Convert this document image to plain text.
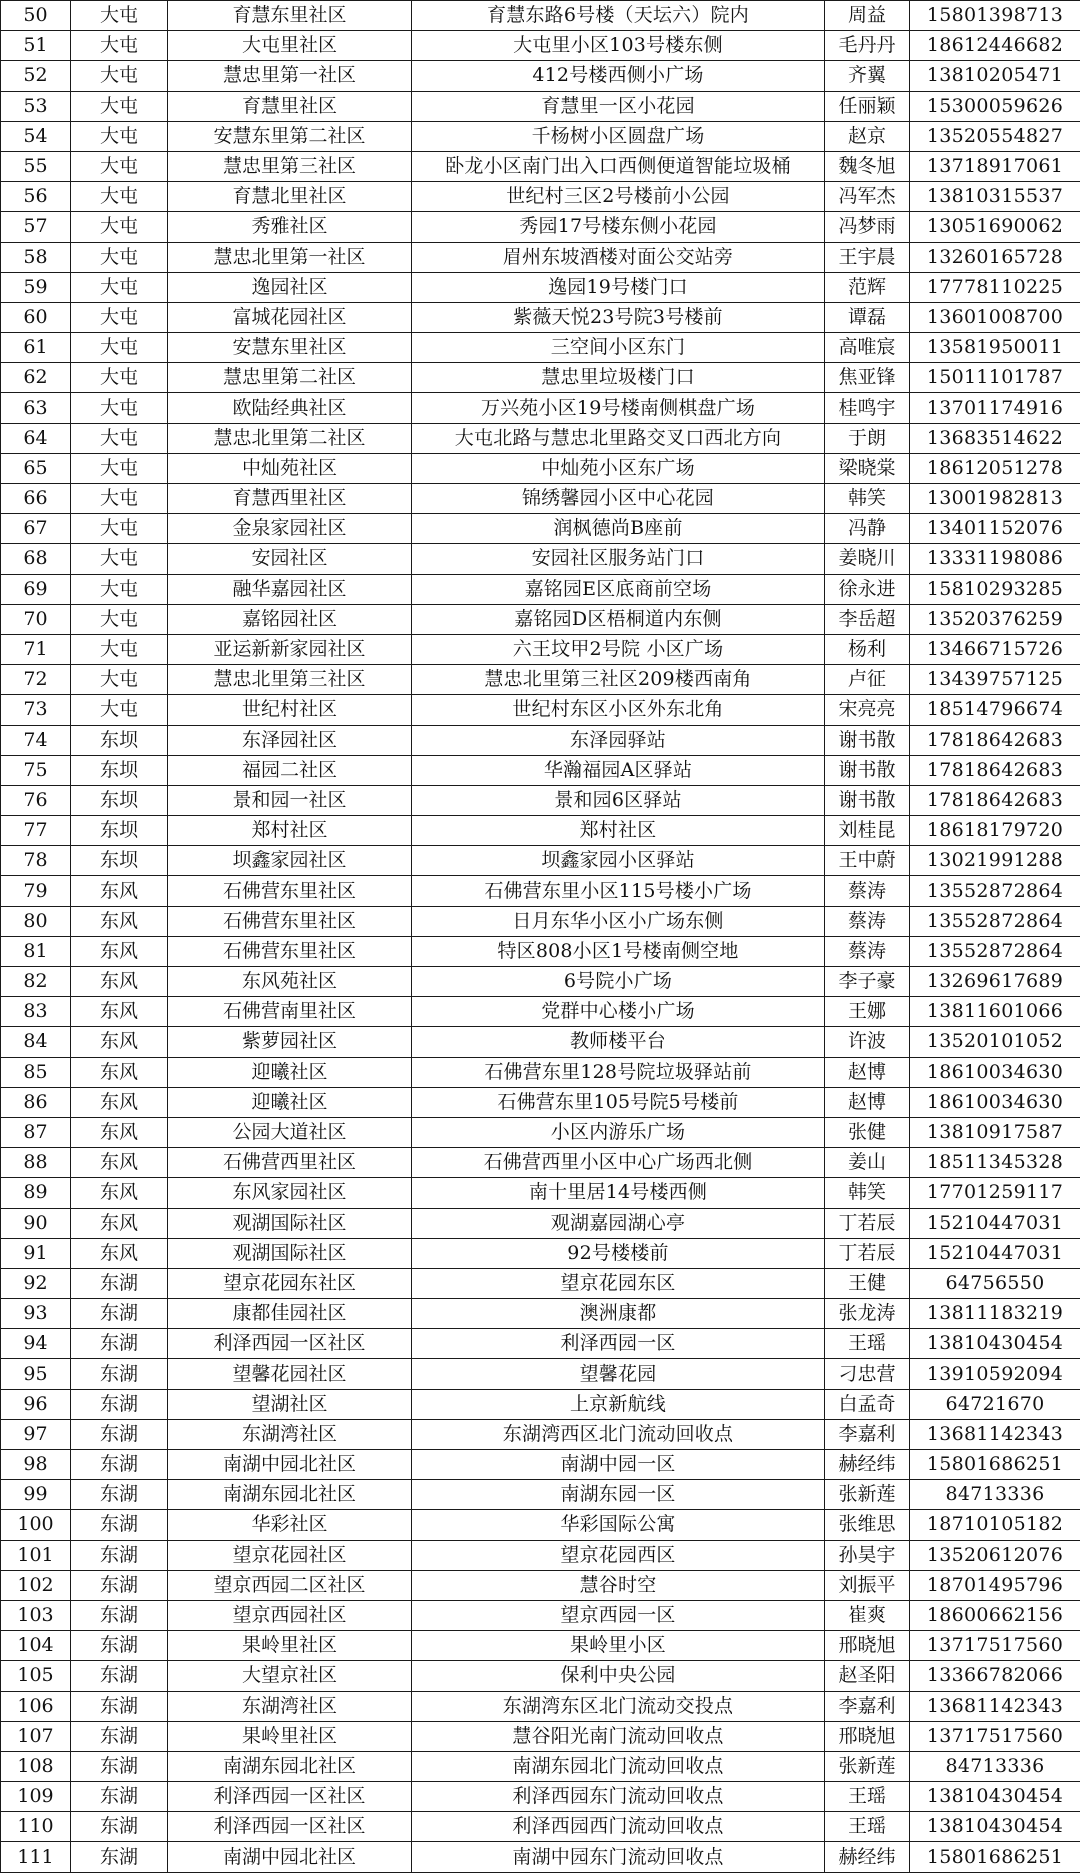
50	大屯	育慧东里社区	育慧东路6号楼（天坛六）院内	周益	15801398713
51	大屯	大屯里社区	大屯里小区103号楼东侧	毛丹丹	18612446682
52	大屯	慧忠里第一社区	412号楼西侧小广场	齐翼	13810205471
53	大屯	育慧里社区	育慧里一区小花园	任丽颖	15300059626
54	大屯	安慧东里第二社区	千杨树小区圆盘广场	赵京	13520554827
55	大屯	慧忠里第三社区	卧龙小区南门出入口西侧便道智能垃圾桶	魏冬旭	13718917061
56	大屯	育慧北里社区	世纪村三区2号楼前小公园	冯军杰	13810315537
57	大屯	秀雅社区	秀园17号楼东侧小花园	冯梦雨	13051690062
58	大屯	慧忠北里第一社区	眉州东坡酒楼对面公交站旁	王宇晨	13260165728
59	大屯	逸园社区	逸园19号楼门口	范辉	17778110225
60	大屯	富城花园社区	紫薇天悦23号院3号楼前	谭磊	13601008700
61	大屯	安慧东里社区	三空间小区东门	高唯宸	13581950011
62	大屯	慧忠里第二社区	慧忠里垃圾楼门口	焦亚锋	15011101787
63	大屯	欧陆经典社区	万兴苑小区19号楼南侧棋盘广场	桂鸣宇	13701174916
64	大屯	慧忠北里第二社区	大屯北路与慧忠北里路交叉口西北方向	于朗	13683514622
65	大屯	中灿苑社区	中灿苑小区东广场	梁晓棠	18612051278
66	大屯	育慧西里社区	锦绣馨园小区中心花园	韩笑	13001982813
67	大屯	金泉家园社区	润枫德尚B座前	冯静	13401152076
68	大屯	安园社区	安园社区服务站门口	姜晓川	13331198086
69	大屯	融华嘉园社区	嘉铭园E区底商前空场	徐永进	15810293285
70	大屯	嘉铭园社区	嘉铭园D区梧桐道内东侧	李岳超	13520376259
71	大屯	亚运新新家园社区	六王坟甲2号院 小区广场	杨利	13466715726
72	大屯	慧忠北里第三社区	慧忠北里第三社区209楼西南角	卢征	13439757125
73	大屯	世纪村社区	世纪村东区小区外东北角	宋亮亮	18514796674
74	东坝	东泽园社区	东泽园驿站	谢书散	17818642683
75	东坝	福园二社区	华瀚福园A区驿站	谢书散	17818642683
76	东坝	景和园一社区	景和园6区驿站	谢书散	17818642683
77	东坝	郑村社区	郑村社区	刘桂昆	18618179720
78	东坝	坝鑫家园社区	坝鑫家园小区驿站	王中蔚	13021991288
79	东风	石佛营东里社区	石佛营东里小区115号楼小广场	蔡涛	13552872864
80	东风	石佛营东里社区	日月东华小区小广场东侧	蔡涛	13552872864
81	东风	石佛营东里社区	特区808小区1号楼南侧空地	蔡涛	13552872864
82	东风	东风苑社区	6号院小广场	李子豪	13269617689
83	东风	石佛营南里社区	党群中心楼小广场	王娜	13811601066
84	东风	紫萝园社区	教师楼平台	许波	13520101052
85	东风	迎曦社区	石佛营东里128号院垃圾驿站前	赵博	18610034630
86	东风	迎曦社区	石佛营东里105号院5号楼前	赵博	18610034630
87	东风	公园大道社区	小区内游乐广场	张健	13810917587
88	东风	石佛营西里社区	石佛营西里小区中心广场西北侧	姜山	18511345328
89	东风	东风家园社区	南十里居14号楼西侧	韩笑	17701259117
90	东风	观湖国际社区	观湖嘉园湖心亭	丁若辰	15210447031
91	东风	观湖国际社区	92号楼楼前	丁若辰	15210447031
92	东湖	望京花园东社区	望京花园东区	王健	64756550
93	东湖	康都佳园社区	澳洲康都	张龙涛	13811183219
94	东湖	利泽西园一区社区	利泽西园一区	王瑶	13810430454
95	东湖	望馨花园社区	望馨花园	刁忠营	13910592094
96	东湖	望湖社区	上京新航线	白孟奇	64721670
97	东湖	东湖湾社区	东湖湾西区北门流动回收点	李嘉利	13681142343
98	东湖	南湖中园北社区	南湖中园一区	赫经纬	15801686251
99	东湖	南湖东园北社区	南湖东园一区	张新莲	84713336
100	东湖	华彩社区	华彩国际公寓	张维思	18710105182
101	东湖	望京花园社区	望京花园西区	孙昊宇	13520612076
102	东湖	望京西园二区社区	慧谷时空	刘振平	18701495796
103	东湖	望京西园社区	望京西园一区	崔爽	18600662156
104	东湖	果岭里社区	果岭里小区	邢晓旭	13717517560
105	东湖	大望京社区	保利中央公园	赵圣阳	13366782066
106	东湖	东湖湾社区	东湖湾东区北门流动交投点	李嘉利	13681142343
107	东湖	果岭里社区	慧谷阳光南门流动回收点	邢晓旭	13717517560
108	东湖	南湖东园北社区	南湖东园北门流动回收点	张新莲	84713336
109	东湖	利泽西园一区社区	利泽西园东门流动回收点	王瑶	13810430454
110	东湖	利泽西园一区社区	利泽西园西门流动回收点	王瑶	13810430454
111	东湖	南湖中园北社区	南湖中园东门流动回收点	赫经纬	15801686251
